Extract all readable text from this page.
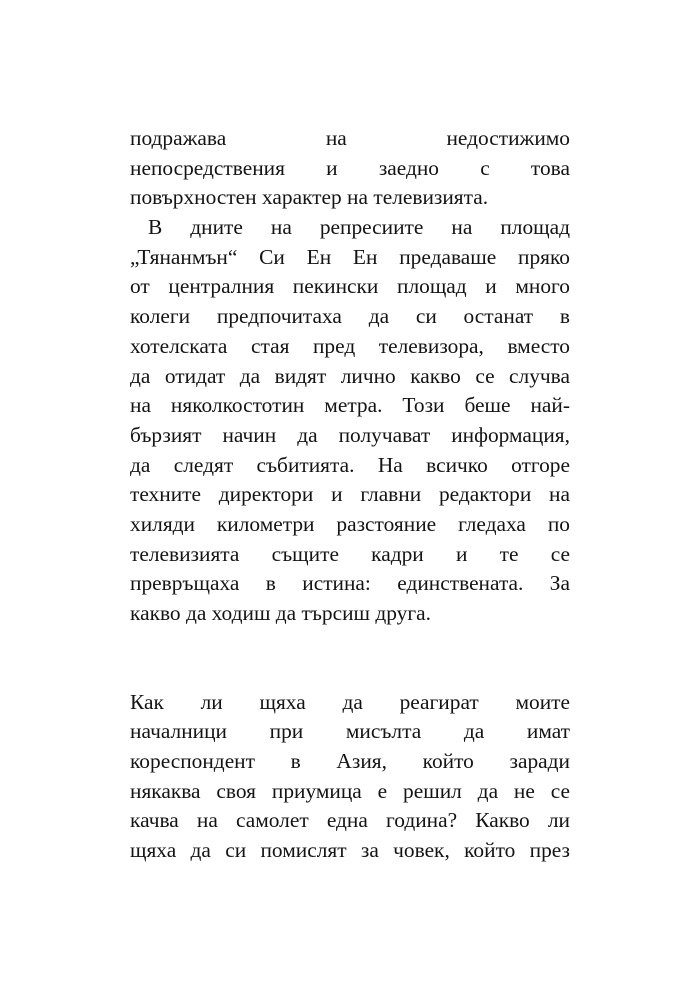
подражава на недостижимо
непосредствения и заедно с това
повърхностен характер на телевизията.
В дните на репресиите на площад
„Тянанмън“ Си Ен Ен предаваше пряко
от централния пекински площад и много
колеги предпочитаха да си останат в
хотелската стая пред телевизора, вместо
да отидат да видят лично какво се случва
на няколкостотин метра. Този беше най-
бързият начин да получават информация,
да следят събитията. На всичко отгоре
техните директори и главни редактори на
хиляди километри разстояние гледаха по
телевизията същите кадри и те се
превръщаха в истина: единствената. За
какво да ходиш да търсиш друга.
Как ли щяха да реагират моите
началници при мисълта да имат
кореспондент в Азия, който заради
някаква своя приумица е решил да не се
качва на самолет една година? Какво ли
щяха да си помислят за човек, който през
